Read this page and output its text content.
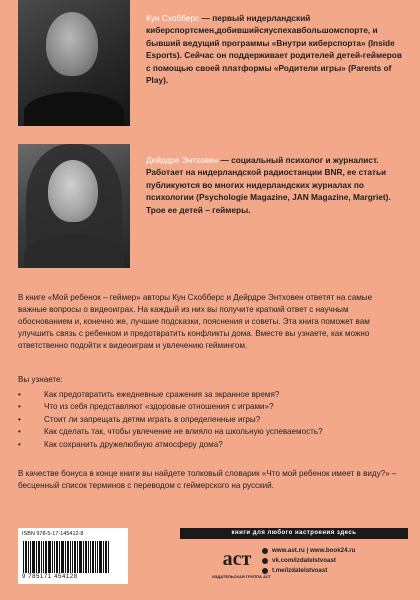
Кун Схобберс — первый нидерландский киберспортсмен,добившийсяуспехавбольшомспорте, и бывший ведущий программы «Внутри киберспорта» (Inside Esports). Сейчас он поддерживает родителей детей-геймеров с помощью своей платформы «Родители игры» (Parents of Play).

Дейрдре Энтховен — социальный психолог и журналист. Работает на нидерландской радиостанции BNR, ее статьи публикуются во многих нидерландских журналах по психологии (Psychologie Magazine, JAN Magazine, Margriet). Трое ее детей – геймеры.

В книге «Мой ребенок – геймер» авторы Кун Схобберс и Дейрдре Энтховен ответят на самые важные вопросы о видеоиграх. На каждый из них вы получите краткий ответ с научным обоснованием и, конечно же, лучшие подсказки, пояснения и советы. Эта книга поможет вам улучшить связь с ребенком и предотвратить конфликты дома. Вместе вы узнаете, как можно ответственно подойти к видеоиграм и увлечению геймингом.

Вы узнаете:

•	Как предотвратить ежедневные сражения за экранное время?
•	Что из себя представляют «здоровые отношения с играми»?
•	Стоит ли запрещать детям играть в определенные игры?
•	Как сделать так, чтобы увлечение не влияло на школьную успеваемость?
•	Как сохранить дружелюбную атмосферу дома?

В качестве бонуса в конце книги вы найдете толковый словарик «Что мой ребенок имеет в виду?» – бесценный список терминов с переводом с геймерского на русский.

книги для любого настроения здесь
ISBN 978-5-17-145412-8
9 785171 454128
аст
ИЗДАТЕЛЬСКАЯ ГРУППА АСТ
www.ast.ru | www.book24.ru
vk.com/izdatelstvoast
t.me/izdatelstvoast
